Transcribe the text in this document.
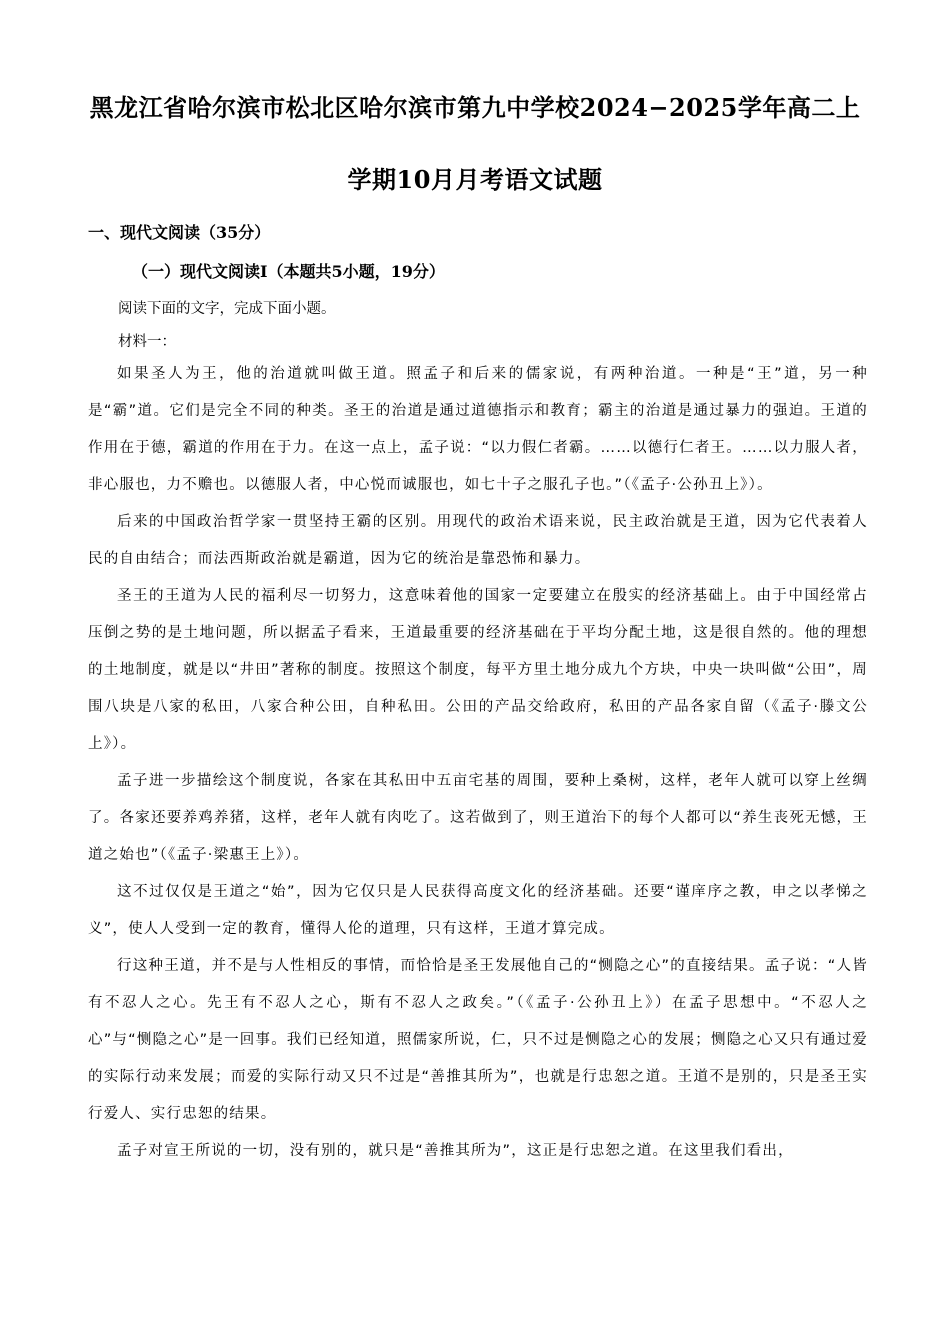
黑龙江省哈尔滨市松北区哈尔滨市第九中学校2024−2025学年高二上
学期10月月考语文试题
一、现代文阅读（35分）
（一）现代文阅读Ⅰ（本题共5小题，19分）
阅读下面的文字，完成下面小题。
材料一：

如果圣人为王，他的治道就叫做王道。照孟子和后来的儒家说，有两种治道。一种是“王”道，另一种是“霸”道。它们是完全不同的种类。圣王的治道是通过道德指示和教育；霸主的治道是通过暴力的强迫。王道的作用在于德，霸道的作用在于力。在这一点上，孟子说：“以力假仁者霸。……以德行仁者王。……以力服人者，非心服也，力不赡也。以德服人者，中心悦而诚服也，如七十子之服孔子也。”（《孟子·公孙丑上》）。

后来的中国政治哲学家一贯坚持王霸的区别。用现代的政治术语来说，民主政治就是王道，因为它代表着人民的自由结合；而法西斯政治就是霸道，因为它的统治是靠恐怖和暴力。

圣王的王道为人民的福利尽一切努力，这意味着他的国家一定要建立在殷实的经济基础上。由于中国经常占压倒之势的是土地问题，所以据孟子看来，王道最重要的经济基础在于平均分配土地，这是很自然的。他的理想的土地制度，就是以“井田”著称的制度。按照这个制度，每平方里土地分成九个方块，中央一块叫做“公田”，周围八块是八家的私田，八家合种公田，自种私田。公田的产品交给政府，私田的产品各家自留（《孟子·滕文公上》）。

孟子进一步描绘这个制度说，各家在其私田中五亩宅基的周围，要种上桑树，这样，老年人就可以穿上丝绸了。各家还要养鸡养猪，这样，老年人就有肉吃了。这若做到了，则王道治下的每个人都可以“养生丧死无憾，王道之始也”（《孟子·梁惠王上》）。

这不过仅仅是王道之“始”，因为它仅只是人民获得高度文化的经济基础。还要“谨庠序之教，申之以孝悌之义”，使人人受到一定的教育，懂得人伦的道理，只有这样，王道才算完成。

行这种王道，并不是与人性相反的事情，而恰恰是圣王发展他自己的“恻隐之心”的直接结果。孟子说：“人皆有不忍人之心。先王有不忍人之心，斯有不忍人之政矣。”（《孟子·公孙丑上》）在孟子思想中。“不忍人之心”与“恻隐之心”是一回事。我们已经知道，照儒家所说，仁，只不过是恻隐之心的发展；恻隐之心又只有通过爱的实际行动来发展；而爱的实际行动又只不过是“善推其所为”，也就是行忠恕之道。王道不是别的，只是圣王实行爱人、实行忠恕的结果。

孟子对宣王所说的一切，没有别的，就只是“善推其所为”，这正是行忠恕之道。在这里我们看出，
